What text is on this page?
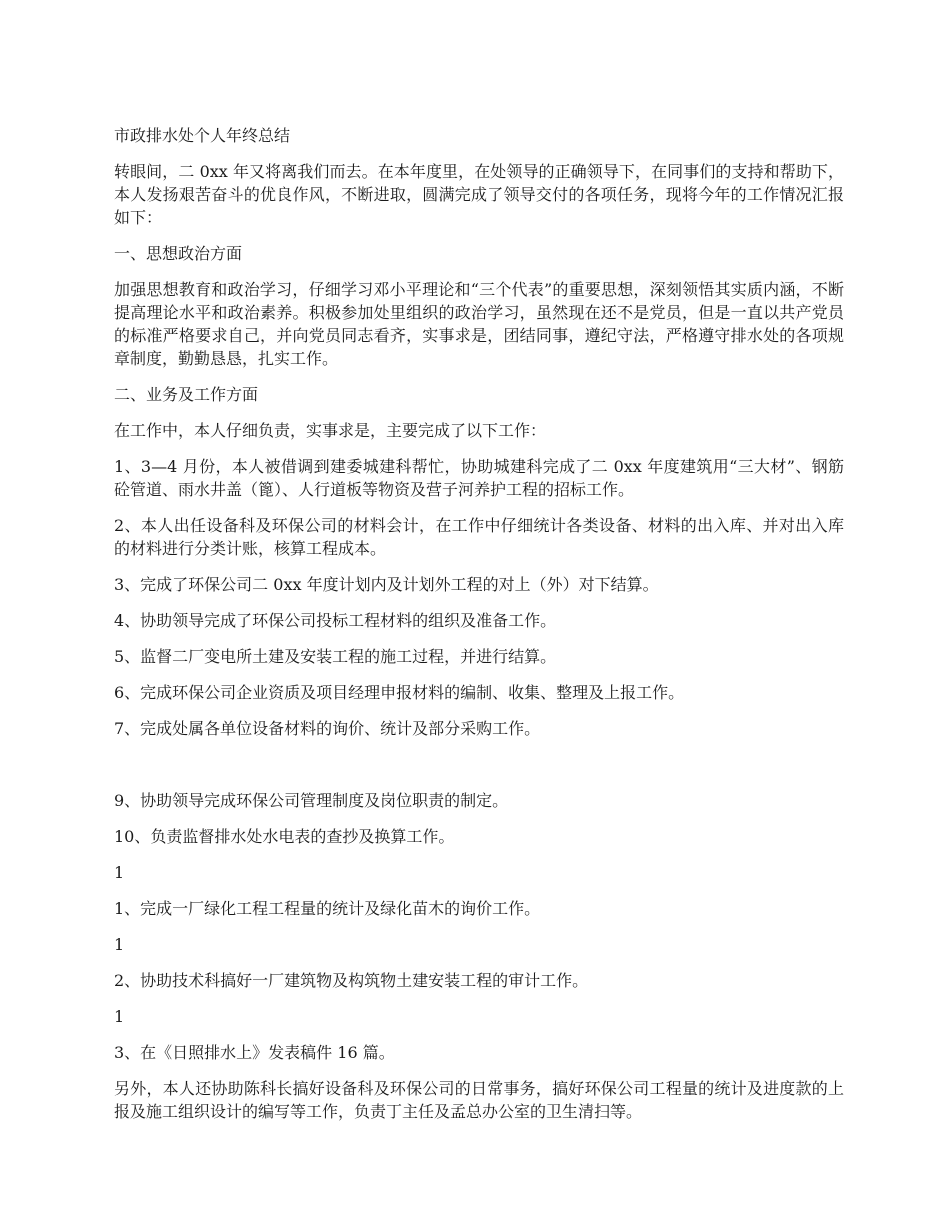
市政排水处个人年终总结

转眼间，二 0xx 年又将离我们而去。在本年度里，在处领导的正确领导下，在同事们的支持和帮助下，本人发扬艰苦奋斗的优良作风，不断进取，圆满完成了领导交付的各项任务，现将今年的工作情况汇报如下：

一、思想政治方面

加强思想教育和政治学习，仔细学习邓小平理论和“三个代表”的重要思想，深刻领悟其实质内涵，不断提高理论水平和政治素养。积极参加处里组织的政治学习，虽然现在还不是党员，但是一直以共产党员的标准严格要求自己，并向党员同志看齐，实事求是，团结同事，遵纪守法，严格遵守排水处的各项规章制度，勤勤恳恳，扎实工作。

二、业务及工作方面

在工作中，本人仔细负责，实事求是，主要完成了以下工作：

1、3—4 月份，本人被借调到建委城建科帮忙，协助城建科完成了二 0xx 年度建筑用“三大材”、钢筋砼管道、雨水井盖（篦）、人行道板等物资及营子河养护工程的招标工作。

2、本人出任设备科及环保公司的材料会计，在工作中仔细统计各类设备、材料的出入库、并对出入库的材料进行分类计账，核算工程成本。

3、完成了环保公司二 0xx 年度计划内及计划外工程的对上（外）对下结算。

4、协助领导完成了环保公司投标工程材料的组织及准备工作。

5、监督二厂变电所土建及安装工程的施工过程，并进行结算。

6、完成环保公司企业资质及项目经理申报材料的编制、收集、整理及上报工作。

7、完成处属各单位设备材料的询价、统计及部分采购工作。

9、协助领导完成环保公司管理制度及岗位职责的制定。

10、负责监督排水处水电表的查抄及换算工作。

1

1、完成一厂绿化工程工程量的统计及绿化苗木的询价工作。

1

2、协助技术科搞好一厂建筑物及构筑物土建安装工程的审计工作。

1

3、在《日照排水上》发表稿件 16 篇。

另外，本人还协助陈科长搞好设备科及环保公司的日常事务，搞好环保公司工程量的统计及进度款的上报及施工组织设计的编写等工作，负责丁主任及孟总办公室的卫生清扫等。
